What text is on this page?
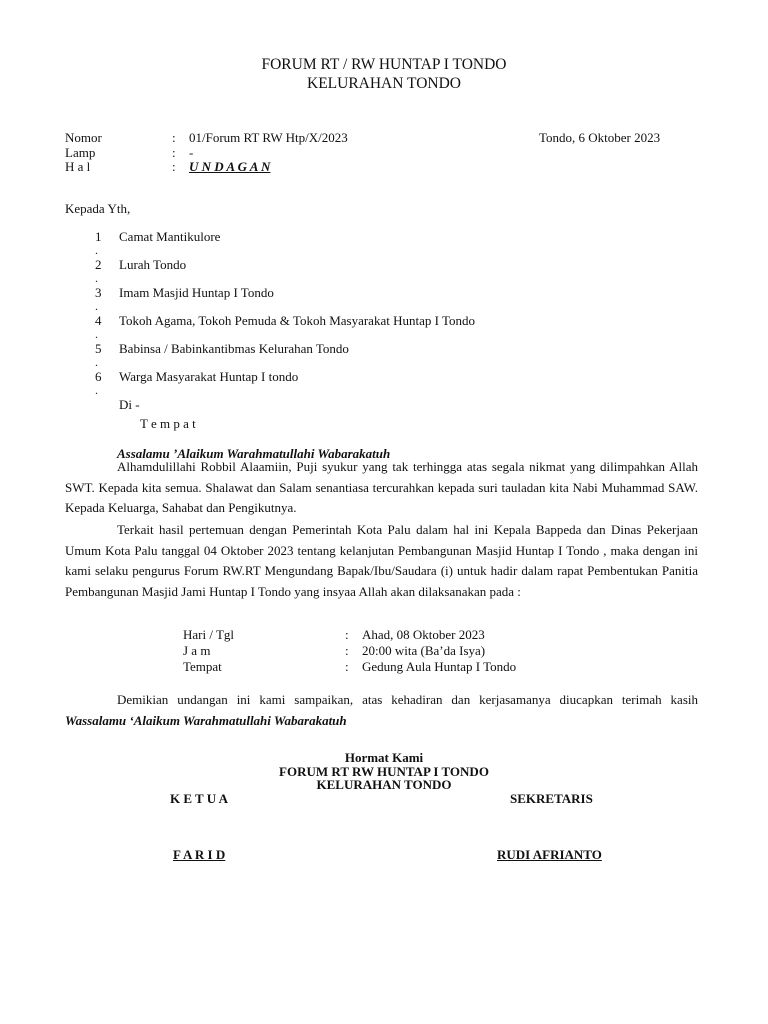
FORUM RT / RW HUNTAP I TONDO
KELURAHAN TONDO
Nomor	: 01/Forum RT RW Htp/X/2023	Tondo, 6 Oktober 2023
Lamp	: -
H a l	: U N D A G A N
Kepada Yth,
1
.
Camat Mantikulore
2
.
Lurah Tondo
3
.
Imam Masjid Huntap I Tondo
4
.
Tokoh Agama, Tokoh Pemuda & Tokoh Masyarakat Huntap I Tondo
5
.
Babinsa / Babinkantibmas Kelurahan Tondo
6
.
Warga Masyarakat Huntap I tondo
Di -
T e m p a t
Assalamu ’Alaikum Warahmatullahi Wabarakatuh
Alhamdulillahi Robbil Alaamiin, Puji syukur yang tak terhingga atas segala nikmat yang dilimpahkan Allah SWT. Kepada kita semua. Shalawat dan Salam senantiasa tercurahkan kepada suri tauladan kita Nabi Muhammad SAW. Kepada Keluarga, Sahabat dan Pengikutnya.
Terkait hasil pertemuan dengan Pemerintah Kota Palu dalam hal ini Kepala Bappeda dan Dinas Pekerjaan Umum Kota Palu tanggal 04 Oktober 2023 tentang kelanjutan Pembangunan Masjid Huntap I Tondo , maka dengan ini kami selaku pengurus Forum RW.RT Mengundang Bapak/Ibu/Saudara (i) untuk hadir dalam rapat Pembentukan Panitia Pembangunan Masjid Jami Huntap I Tondo yang insyaa Allah akan dilaksanakan pada :
Hari / Tgl	: Ahad, 08 Oktober 2023
J a m	: 20:00 wita (Ba’da Isya)
Tempat	: Gedung Aula Huntap I Tondo
Demikian undangan ini kami sampaikan, atas kehadiran dan kerjasamanya diucapkan terimah kasih Wassalamu ‘Alaikum Warahmatullahi Wabarakatuh
Hormat Kami
FORUM RT RW HUNTAP I TONDO
KELURAHAN TONDO
K E T U A	SEKRETARIS
F A R I D	RUDI AFRIANTO
